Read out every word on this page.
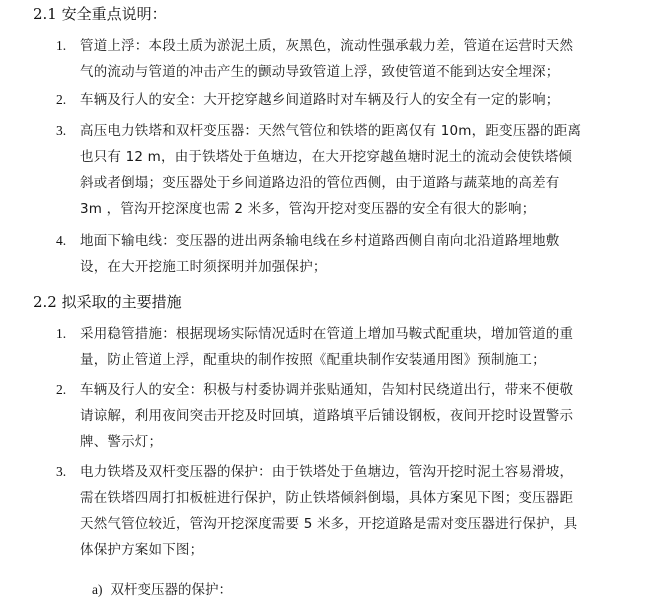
2.1 安全重点说明：
1. 管道上浮：本段土质为淤泥土质，灰黑色，流动性强承载力差，管道在运营时天然
气的流动与管道的冲击产生的颤动导致管道上浮，致使管道不能到达安全埋深；
2. 车辆及行人的安全：大开挖穿越乡间道路时对车辆及行人的安全有一定的影响；
3. 高压电力铁塔和双杆变压器：天然气管位和铁塔的距离仅有 10m，距变压器的距离
也只有 12 m，由于铁塔处于鱼塘边，在大开挖穿越鱼塘时泥土的流动会使铁塔倾
斜或者倒塌；变压器处于乡间道路边沿的管位西侧，由于道路与蔬菜地的高差有
3m ，管沟开挖深度也需 2 米多，管沟开挖对变压器的安全有很大的影响；
4. 地面下输电线：变压器的进出两条输电线在乡村道路西侧自南向北沿道路埋地敷
设，在大开挖施工时须探明并加强保护；
2.2 拟采取的主要措施
1. 采用稳管措施：根据现场实际情况适时在管道上增加马鞍式配重块，增加管道的重
量，防止管道上浮，配重块的制作按照《配重块制作安装通用图》预制施工；
2. 车辆及行人的安全：积极与村委协调并张贴通知，告知村民绕道出行，带来不便敬
请谅解，利用夜间突击开挖及时回填，道路填平后铺设钢板，夜间开挖时设置警示
牌、警示灯；
3. 电力铁塔及双杆变压器的保护：由于铁塔处于鱼塘边，管沟开挖时泥土容易滑坡，
需在铁塔四周打扣板桩进行保护，防止铁塔倾斜倒塌，具体方案见下图；变压器距
天然气管位较近，管沟开挖深度需要 5 米多，开挖道路是需对变压器进行保护，具
体保护方案如下图；
a) 双杆变压器的保护：
